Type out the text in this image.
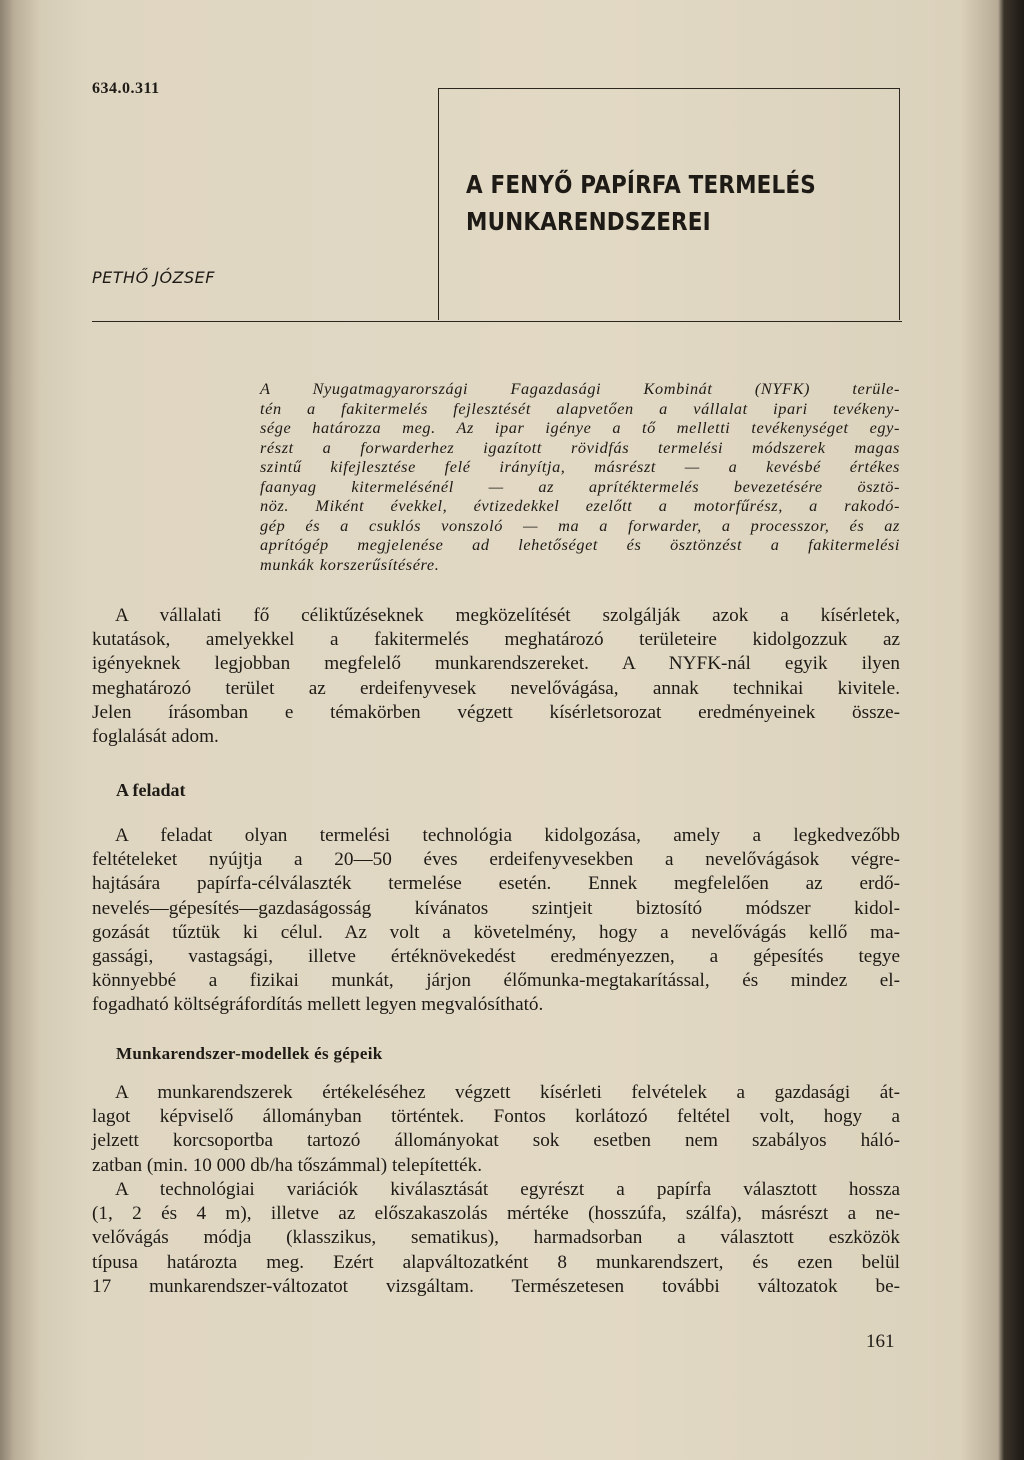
634.0.311
A FENYŐ PAPÍRFA TERMELÉS
MUNKARENDSZEREI
PETHŐ JÓZSEF
A Nyugatmagyarországi Fagazdasági Kombinát (NYFK) terüle-
tén a fakitermelés fejlesztését alapvetően a vállalat ipari tevékeny-
sége határozza meg. Az ipar igénye a tő melletti tevékenységet egy-
részt a forwarderhez igazított rövidfás termelési módszerek magas
szintű kifejlesztése felé irányítja, másrészt — a kevésbé értékes
faanyag kitermelésénél — az aprítéktermelés bevezetésére ösztö-
nöz. Miként évekkel, évtizedekkel ezelőtt a motorfűrész, a rakodó-
gép és a csuklós vonszoló — ma a forwarder, a processzor, és az
aprítógép megjelenése ad lehetőséget és ösztönzést a fakitermelési
munkák korszerűsítésére.
A vállalati fő céliktűzéseknek megközelítését szolgálják azok a kísérletek,
kutatások, amelyekkel a fakitermelés meghatározó területeire kidolgozzuk az
igényeknek legjobban megfelelő munkarendszereket. A NYFK-nál egyik ilyen
meghatározó terület az erdeifenyvesek nevelővágása, annak technikai kivitele.
Jelen írásomban e témakörben végzett kísérletsorozat eredményeinek össze-
foglalását adom.
A feladat
A feladat olyan termelési technológia kidolgozása, amely a legkedvezőbb
feltételeket nyújtja a 20—50 éves erdeifenyvesekben a nevelővágások végre-
hajtására papírfa-célválaszték termelése esetén. Ennek megfelelően az erdő-
nevelés—gépesítés—gazdaságosság kívánatos szintjeit biztosító módszer kidol-
gozását tűztük ki célul. Az volt a követelmény, hogy a nevelővágás kellő ma-
gassági, vastagsági, illetve értéknövekedést eredményezzen, a gépesítés tegye
könnyebbé a fizikai munkát, járjon élőmunka-megtakarítással, és mindez el-
fogadható költségráfordítás mellett legyen megvalósítható.
Munkarendszer-modellek és gépeik
A munkarendszerek értékeléséhez végzett kísérleti felvételek a gazdasági át-
lagot képviselő állományban történtek. Fontos korlátozó feltétel volt, hogy a
jelzett korcsoportba tartozó állományokat sok esetben nem szabályos háló-
zatban (min. 10 000 db/ha tőszámmal) telepítették.
A technológiai variációk kiválasztását egyrészt a papírfa választott hossza
(1, 2 és 4 m), illetve az előszakaszolás mértéke (hosszúfa, szálfa), másrészt a ne-
velővágás módja (klasszikus, sematikus), harmadsorban a választott eszközök
típusa határozta meg. Ezért alapváltozatként 8 munkarendszert, és ezen belül
17 munkarendszer-változatot vizsgáltam. Természetesen további változatok be-
161
